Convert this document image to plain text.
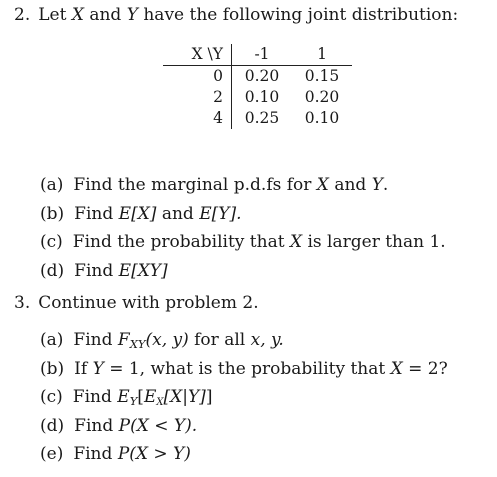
2. Let X and Y have the following joint distribution:
X \Y	-1	1
0	0.20	0.15
2	0.10	0.20
4	0.25	0.10
(a) Find the marginal p.d.fs for X and Y.
(b) Find E[X] and E[Y].
(c) Find the probability that X is larger than 1.
(d) Find E[XY]
3. Continue with problem 2.
(a) Find $F_{XY}(x$, y) for all x, y.
(b) If Y = 1, what is the probability that X = 2?
(c) Find $E_Y[EX[X|Y]]$
(d) Find P(X < Y).
(e) Find P(X > Y)
